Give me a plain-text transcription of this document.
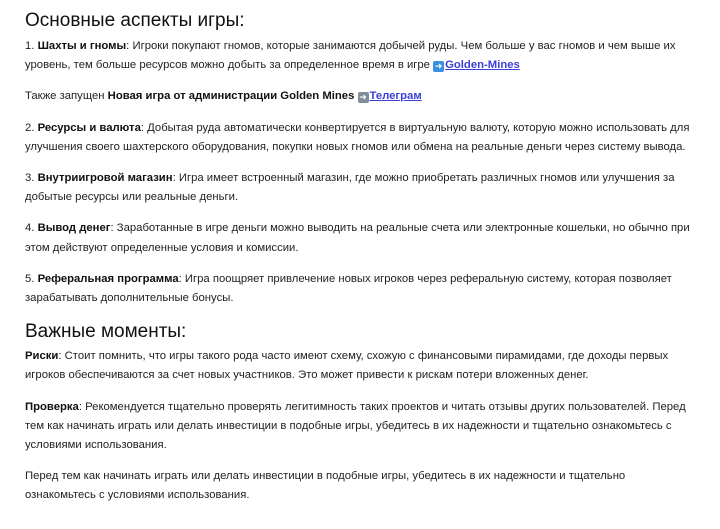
Основные аспекты игры:

1. Шахты и гномы: Игроки покупают гномов, которые занимаются добычей руды. Чем больше у вас гномов и чем выше их уровень, тем больше ресурсов можно добыть за определенное время в игре ➜ Golden-Mines

Также запущен Новая игра от администрации Golden Mines ➜ Телеграм

2. Ресурсы и валюта: Добытая руда автоматически конвертируется в виртуальную валюту, которую можно использовать для улучшения своего шахтерского оборудования, покупки новых гномов или обмена на реальные деньги через систему вывода.

3. Внутриигровой магазин: Игра имеет встроенный магазин, где можно приобретать различных гномов или улучшения за добытые ресурсы или реальные деньги.

4. Вывод денег: Заработанные в игре деньги можно выводить на реальные счета или электронные кошельки, но обычно при этом действуют определенные условия и комиссии.

5. Реферальная программа: Игра поощряет привлечение новых игроков через реферальную систему, которая позволяет зарабатывать дополнительные бонусы.

Важные моменты:

Риски: Стоит помнить, что игры такого рода часто имеют схему, схожую с финансовыми пирамидами, где доходы первых игроков обеспечиваются за счет новых участников. Это может привести к рискам потери вложенных денег.

Проверка: Рекомендуется тщательно проверять легитимность таких проектов и читать отзывы других пользователей. Перед тем как начинать играть или делать инвестиции в подобные игры, убедитесь в их надежности и тщательно ознакомьтесь с условиями использования.

Перед тем как начинать играть или делать инвестиции в подобные игры, убедитесь в их надежности и тщательно ознакомьтесь с условиями использования.
